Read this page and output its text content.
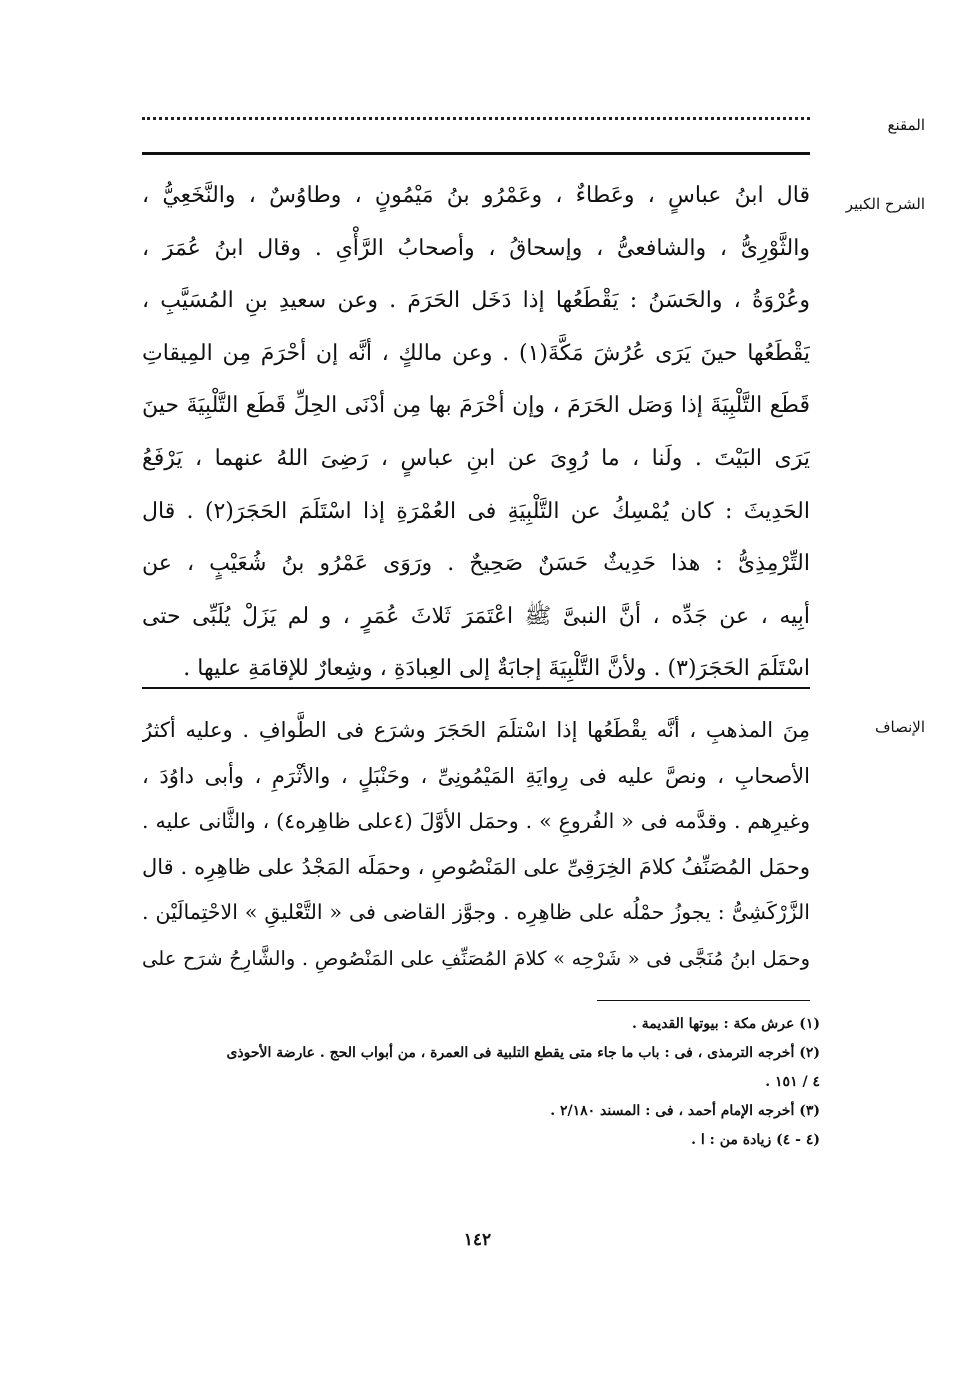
المقنع
الشرح الكبير
قال ابنُ عباسٍ ، وعَطاءٌ ، وعَمْرُو بنُ مَيْمُونٍ ، وطاوُسٌ ، والنَّخَعِيُّ ،
والثَّوْرِىُّ ، والشافعىُّ ، وإسحاقُ ، وأصحابُ الرَّأْىِ . وقال ابنُ عُمَرَ ،
وعُرْوَةُ ، والحَسَنُ : يَقْطَعُها إذا دَخَل الحَرَمَ . وعن سعيدِ بنِ المُسَيَّبِ ،
يَقْطَعُها حينَ يَرَى عُرُشَ مَكَّةَ(١) . وعن مالكٍ ، أنَّه إن أحْرَمَ مِن المِيقاتِ
قَطَع التَّلْبِيَةَ إذا وَصَل الحَرَمَ ، وإن أحْرَمَ بها مِن أدْنَى الحِلِّ قَطَع التَّلْبِيَةَ حينَ
يَرَى البَيْتَ . ولَنا ، ما رُوِىَ عن ابنِ عباسٍ ، رَضِىَ اللهُ عنهما ، يَرْفَعُ
الحَدِيثَ : كان يُمْسِكُ عن التَّلْبِيَةِ فى العُمْرَةِ إذا اسْتَلَمَ الحَجَرَ(٢) . قال
التِّرْمِذِىُّ : هذا حَدِيثٌ حَسَنٌ صَحِيحٌ . ورَوَى عَمْرُو بنُ شُعَيْبٍ ، عن
أبِيه ، عن جَدِّه ، أنَّ النبىَّ ﷺ اعْتَمَرَ ثَلاثَ عُمَرٍ ، و لم يَزَلْ يُلَبِّى حتى
اسْتَلَمَ الحَجَرَ(٣) . ولأنَّ التَّلْبِيَةَ إجابَةٌ إلى العِبادَةِ ، وشِعارٌ للإقامَةِ عليها .
الإنصاف
مِنَ المذهبِ ، أنَّه يقْطَعُها إذا اسْتلَمَ الحَجَرَ وشرَع فى الطَّوافِ . وعليه أكثرُ
الأصحابِ ، ونصَّ عليه فى رِوايَةِ المَيْمُونِىِّ ، وحَنْبَلٍ ، والأثْرَمِ ، وأبى داوُدَ ،
وغيرِهم . وقدَّمه فى « الفُروعِ » . وحمَل الأوَّلَ (٤على ظاهِره٤) ، والثَّانى عليه .
وحمَل المُصَنِّفُ كلامَ الخِرَقِىِّ على المَنْصُوصِ ، وحمَلَه المَجْدُ على ظاهِرِه . قال
الزَّرْكَشِىُّ : يجوزُ حمْلُه على ظاهِرِه . وجوَّز القاضى فى « التَّعْليقِ » الاحْتِمالَيْن .
وحمَل ابنُ مُنَجَّى فى « شَرْحِه » كلامَ المُصَنِّفِ على المَنْصُوصِ . والشَّارِحُ شرَح على
(١) عرش مكة : بيوتها القديمة .
(٢) أخرجه الترمذى ، فى : باب ما جاء متى يقطع التلبية فى العمرة ، من أبواب الحج . عارضة الأحوذى
٤ / ١٥١ .
(٣) أخرجه الإمام أحمد ، فى : المسند ٢/١٨٠ .
(٤ - ٤) زيادة من : ا .
١٤٢
